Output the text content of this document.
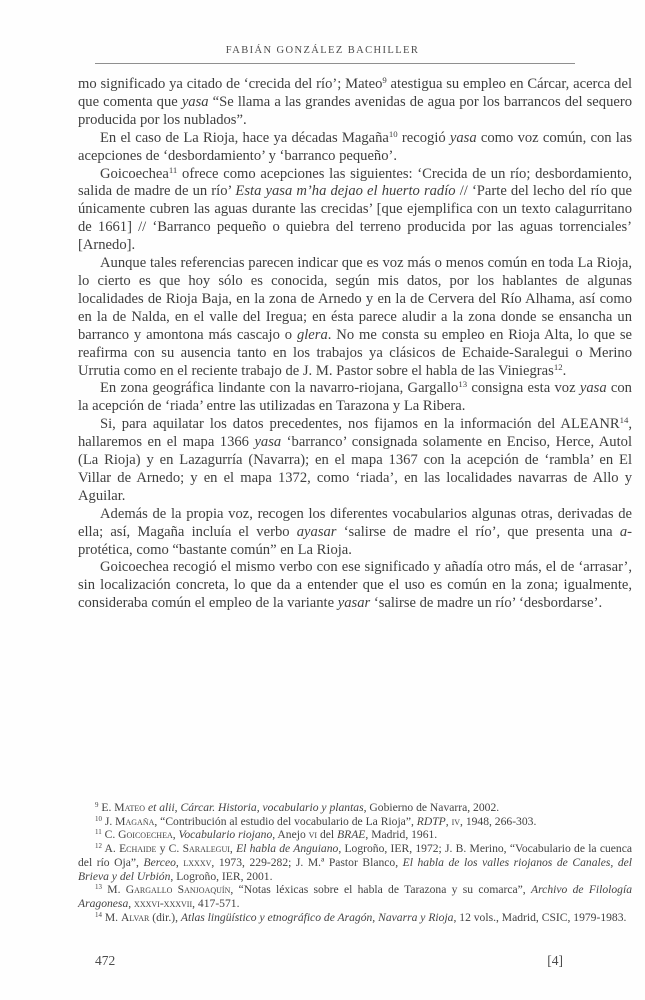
FABIÁN GONZÁLEZ BACHILLER

mo significado ya citado de ‘crecida del río’; Mateo$^9$ atestigua su empleo en Cárcar, acerca del que comenta que yasa “Se llama a las grandes avenidas de agua por los barrancos del sequero producida por los nublados”.

En el caso de La Rioja, hace ya décadas Magaña$^{10}$ recogió yasa como voz común, con las acepciones de ‘desbordamiento’ y ‘barranco pequeño’.

Goicoechea$^{11}$ ofrece como acepciones las siguientes: ‘Crecida de un río; desbordamiento, salida de madre de un río’ Esta yasa m’ha dejao el huerto radío // ‘Parte del lecho del río que únicamente cubren las aguas durante las crecidas’ [que ejemplifica con un texto calagurritano de 1661] // ‘Barranco pequeño o quiebra del terreno producida por las aguas torrenciales’ [Arnedo].

Aunque tales referencias parecen indicar que es voz más o menos común en toda La Rioja, lo cierto es que hoy sólo es conocida, según mis datos, por los hablantes de algunas localidades de Rioja Baja, en la zona de Arnedo y en la de Cervera del Río Alhama, así como en la de Nalda, en el valle del Iregua; en ésta parece aludir a la zona donde se ensancha un barranco y amontona más cascajo o glera. No me consta su empleo en Rioja Alta, lo que se reafirma con su ausencia tanto en los trabajos ya clásicos de Echaide-Saralegui o Merino Urrutia como en el reciente trabajo de J. M. Pastor sobre el habla de las Viniegras$^{12}$.

En zona geográfica lindante con la navarro-riojana, Gargallo$^{13}$ consigna esta voz yasa con la acepción de ‘riada’ entre las utilizadas en Tarazona y La Ribera.

Si, para aquilatar los datos precedentes, nos fijamos en la información del ALEANR$^{14}$, hallaremos en el mapa 1366 yasa ‘barranco’ consignada solamente en Enciso, Herce, Autol (La Rioja) y en Lazagurría (Navarra); en el mapa 1367 con la acepción de ‘rambla’ en El Villar de Arnedo; y en el mapa 1372, como ‘riada’, en las localidades navarras de Allo y Aguilar.

Además de la propia voz, recogen los diferentes vocabularios algunas otras, derivadas de ella; así, Magaña incluía el verbo ayasar ‘salirse de madre el río’, que presenta una a- protética, como “bastante común” en La Rioja.

Goicoechea recogió el mismo verbo con ese significado y añadía otro más, el de ‘arrasar’, sin localización concreta, lo que da a entender que el uso es común en la zona; igualmente, consideraba común el empleo de la variante yasar ‘salirse de madre un río’ ‘desbordarse’.

$^9$ E. Mateo et alii, Cárcar. Historia, vocabulario y plantas, Gobierno de Navarra, 2002.

$^{10}$ J. Magaña, “Contribución al estudio del vocabulario de La Rioja”, RDTP, iv, 1948, 266-303.

$^{11}$ C. Goicoechea, Vocabulario riojano, Anejo vi del BRAE, Madrid, 1961.

$^{12}$ A. Echaide y C. Saralegui, El habla de Anguiano, Logroño, IER, 1972; J. B. Merino, “Vocabulario de la cuenca del río Oja”, Berceo, lxxxv, 1973, 229-282; J. M.ª Pastor Blanco, El habla de los valles riojanos de Canales, del Brieva y del Urbión, Logroño, IER, 2001.

$^{13}$ M. Gargallo Sanjoaquín, “Notas léxicas sobre el habla de Tarazona y su comarca”, Archivo de Filología Aragonesa, xxxvi-xxxvii, 417-571.

$^{14}$ M. Alvar (dir.), Atlas lingüístico y etnográfico de Aragón, Navarra y Rioja, 12 vols., Madrid, CSIC, 1979-1983.

472	[4]
